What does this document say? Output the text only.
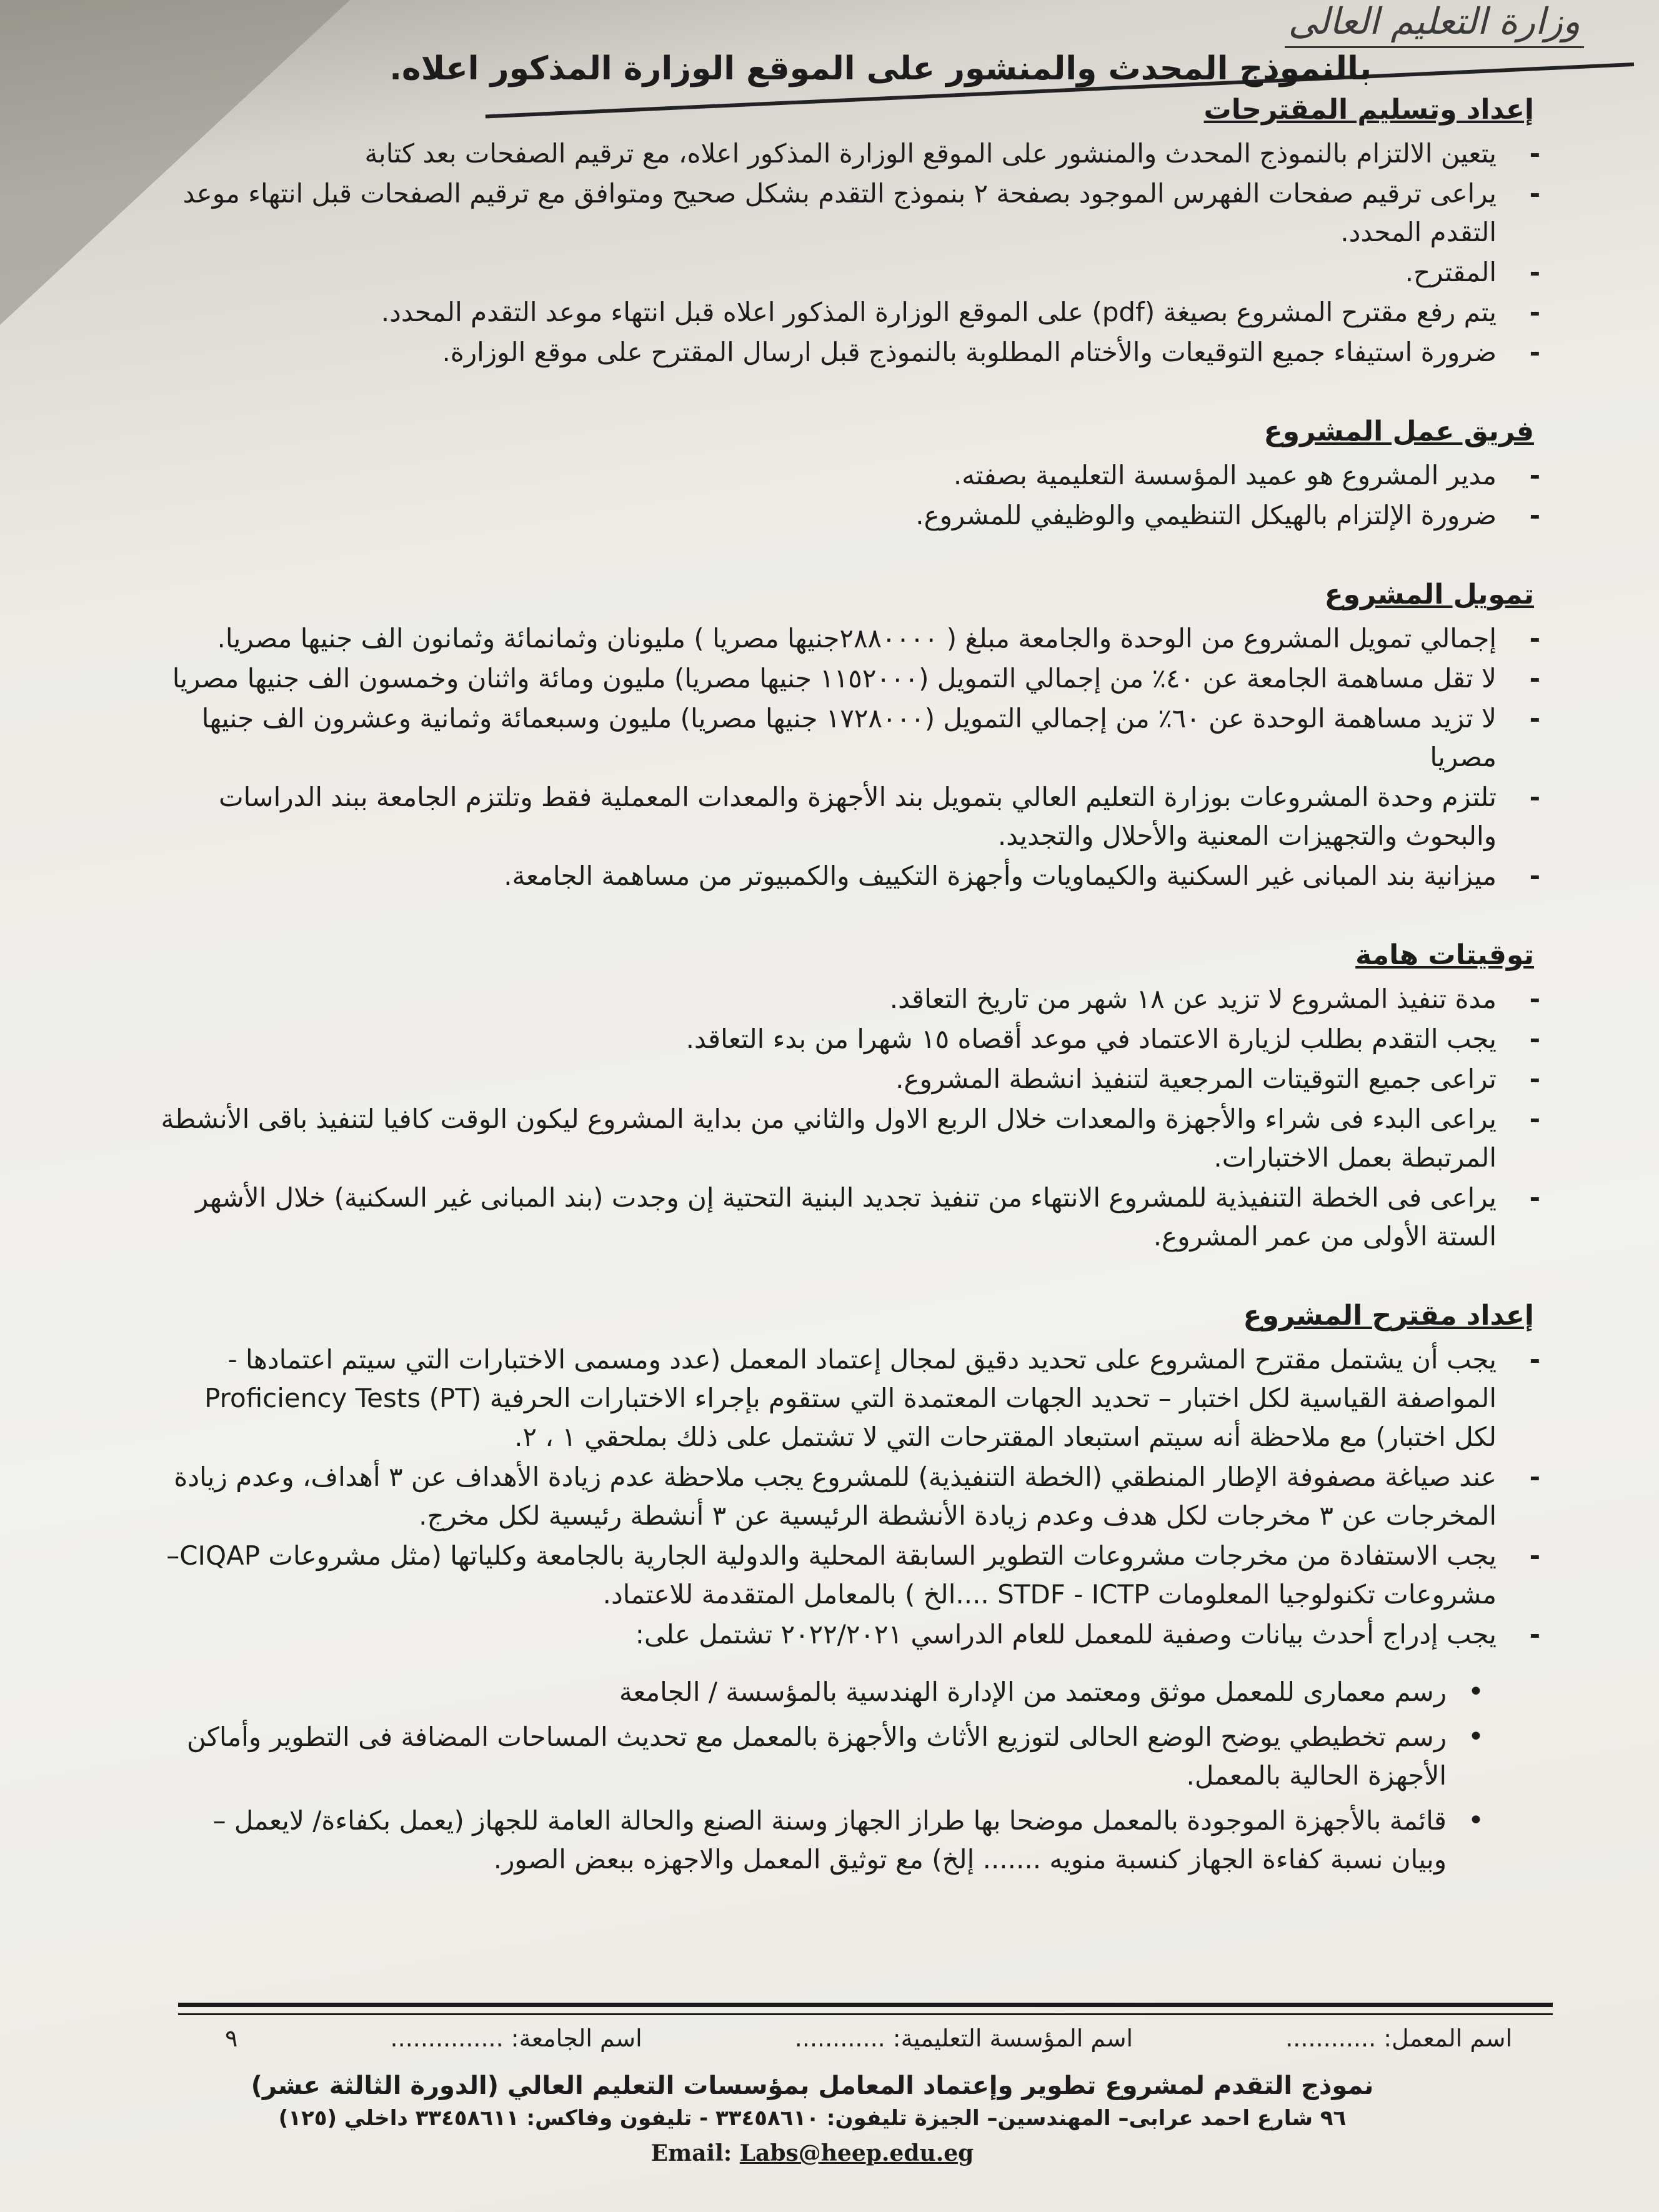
وزارة التعليم العالى

بالنموذج المحدث والمنشور على الموقع الوزارة المذكور اعلاه.

إعداد وتسليم المقترحات
- يتعين الالتزام بالنموذج المحدث والمنشور على الموقع الوزارة المذكور اعلاه، مع ترقيم الصفحات بعد كتابة
- يراعى ترقيم صفحات الفهرس الموجود بصفحة ٢ بنموذج التقدم بشكل صحيح ومتوافق مع ترقيم الصفحات قبل انتهاء موعد التقدم المحدد.
- المقترح.
- يتم رفع مقترح المشروع بصيغة (pdf) على الموقع الوزارة المذكور اعلاه قبل انتهاء موعد التقدم المحدد.
- ضرورة استيفاء جميع التوقيعات والأختام المطلوبة بالنموذج قبل ارسال المقترح على موقع الوزارة.
فريق عمل المشروع
- مدير المشروع هو عميد المؤسسة التعليمية بصفته.
- ضرورة الإلتزام بالهيكل التنظيمي والوظيفي للمشروع.
تمويل المشروع
- إجمالي تمويل المشروع من الوحدة والجامعة مبلغ ( ٢٨٨٠٠٠٠جنيها مصريا ) مليونان وثمانمائة وثمانون الف جنيها مصريا.
- لا تقل مساهمة الجامعة عن ٤٠٪ من إجمالي التمويل (١١٥٢٠٠٠ جنيها مصريا) مليون ومائة واثنان وخمسون الف جنيها مصريا
- لا تزيد مساهمة الوحدة عن ٦٠٪ من إجمالي التمويل (١٧٢٨٠٠٠ جنيها مصريا) مليون وسبعمائة وثمانية وعشرون الف جنيها مصريا
- تلتزم وحدة المشروعات بوزارة التعليم العالي بتمويل بند الأجهزة والمعدات المعملية فقط وتلتزم الجامعة ببند الدراسات والبحوث والتجهيزات المعنية والأحلال والتجديد.
- ميزانية بند المبانى غير السكنية والكيماويات وأجهزة التكييف والكمبيوتر من مساهمة الجامعة.
توقيتات هامة
- مدة تنفيذ المشروع لا تزيد عن ١٨ شهر من تاريخ التعاقد.
- يجب التقدم بطلب لزيارة الاعتماد في موعد أقصاه ١٥ شهرا من بدء التعاقد.
- تراعى جميع التوقيتات المرجعية لتنفيذ انشطة المشروع.
- يراعى البدء فى شراء والأجهزة والمعدات خلال الربع الاول والثاني من بداية المشروع ليكون الوقت كافيا لتنفيذ باقى الأنشطة المرتبطة بعمل الاختبارات.
- يراعى فى الخطة التنفيذية للمشروع الانتهاء من تنفيذ تجديد البنية التحتية إن وجدت (بند المبانى غير السكنية) خلال الأشهر الستة الأولى من عمر المشروع.
إعداد مقترح المشروع
- يجب أن يشتمل مقترح المشروع على تحديد دقيق لمجال إعتماد المعمل (عدد ومسمى الاختبارات التي سيتم اعتمادها - المواصفة القياسية لكل اختبار – تحديد الجهات المعتمدة التي ستقوم بإجراء الاختبارات الحرفية Proficiency Tests (PT) لكل اختبار) مع ملاحظة أنه سيتم استبعاد المقترحات التي لا تشتمل على ذلك بملحقي ١ ، ٢.
- عند صياغة مصفوفة الإطار المنطقي (الخطة التنفيذية) للمشروع يجب ملاحظة عدم زيادة الأهداف عن ٣ أهداف، وعدم زيادة المخرجات عن ٣ مخرجات لكل هدف وعدم زيادة الأنشطة الرئيسية عن ٣ أنشطة رئيسية لكل مخرج.
- يجب الاستفادة من مخرجات مشروعات التطوير السابقة المحلية والدولية الجارية بالجامعة وكلياتها (مثل مشروعات CIQAP– مشروعات تكنولوجيا المعلومات STDF - ICTP ....الخ ) بالمعامل المتقدمة للاعتماد.
- يجب إدراج أحدث بيانات وصفية للمعمل للعام الدراسي ٢٠٢٢/٢٠٢١ تشتمل على:
• رسم معمارى للمعمل موثق ومعتمد من الإدارة الهندسية بالمؤسسة / الجامعة
• رسم تخطيطي يوضح الوضع الحالى لتوزيع الأثاث والأجهزة بالمعمل مع تحديث المساحات المضافة فى التطوير وأماكن الأجهزة الحالية بالمعمل.
• قائمة بالأجهزة الموجودة بالمعمل موضحا بها طراز الجهاز وسنة الصنع والحالة العامة للجهاز (يعمل بكفاءة/ لايعمل – وبيان نسبة كفاءة الجهاز كنسبة منويه ....... إلخ) مع توثيق المعمل والاجهزه ببعض الصور.
اسم المعمل: ............
اسم المؤسسة التعليمية: ............
اسم الجامعة: ...............
٩
نموذج التقدم لمشروع تطوير وإعتماد المعامل بمؤسسات التعليم العالي (الدورة الثالثة عشر)
٩٦ شارع احمد عرابى– المهندسين– الجيزة تليفون: ٣٣٤٥٨٦١٠ - تليفون وفاكس: ٣٣٤٥٨٦١١ داخلي (١٢٥)
Email: Labs@heep.edu.eg
